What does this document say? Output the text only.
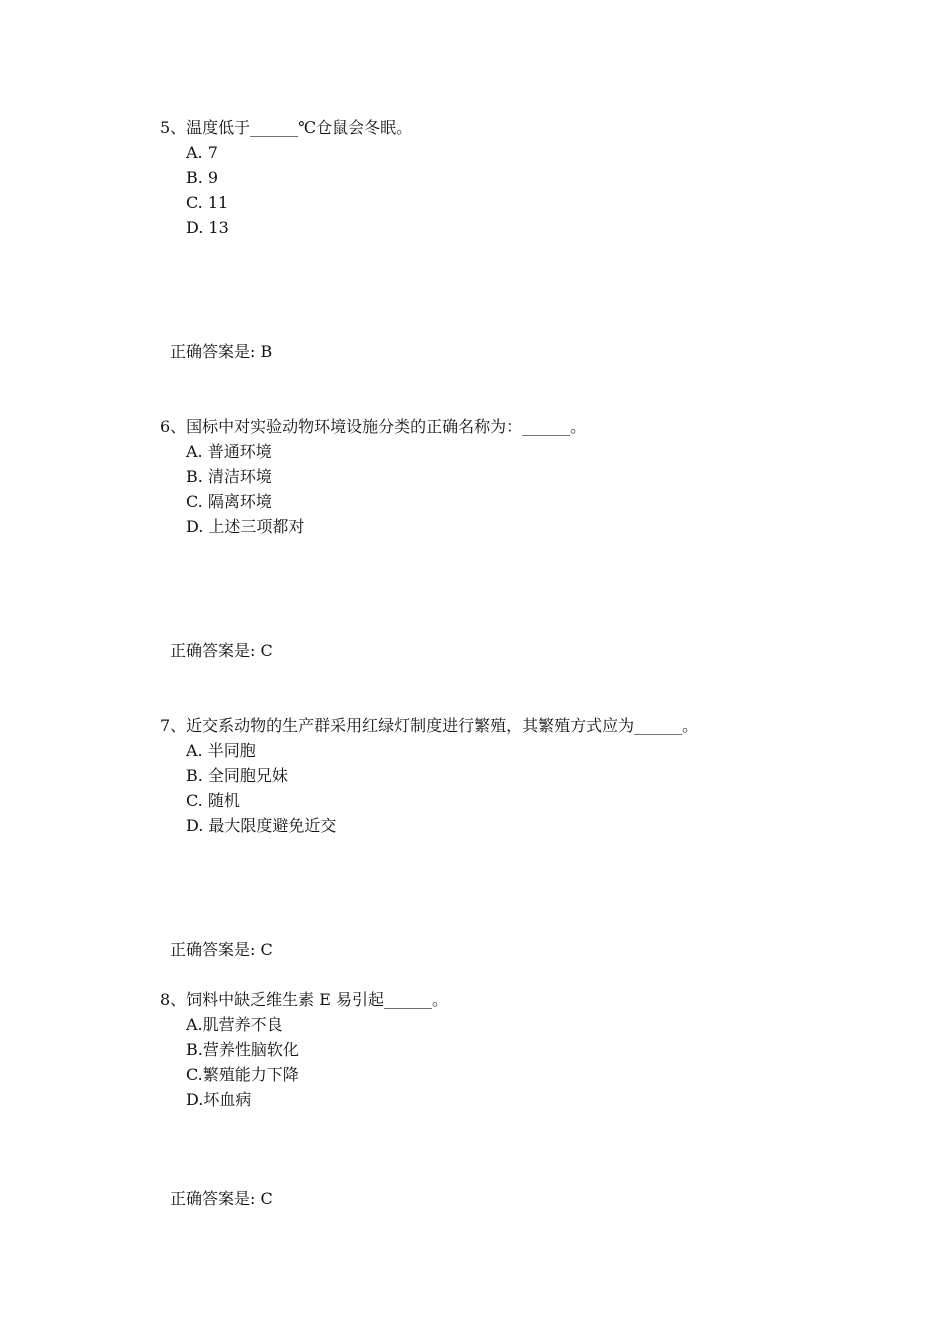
5、温度低于______℃仓鼠会冬眠。
A. 7
B. 9
C. 11
D. 13
正确答案是: B
6、国标中对实验动物环境设施分类的正确名称为：______。
A. 普通环境
B. 清洁环境
C. 隔离环境
D. 上述三项都对
正确答案是: C
7、近交系动物的生产群采用红绿灯制度进行繁殖，其繁殖方式应为______。
A. 半同胞
B. 全同胞兄妹
C. 随机
D. 最大限度避免近交
正确答案是: C
8、饲料中缺乏维生素 E 易引起______。
A.肌营养不良
B.营养性脑软化
C.繁殖能力下降
D.坏血病
正确答案是: C
